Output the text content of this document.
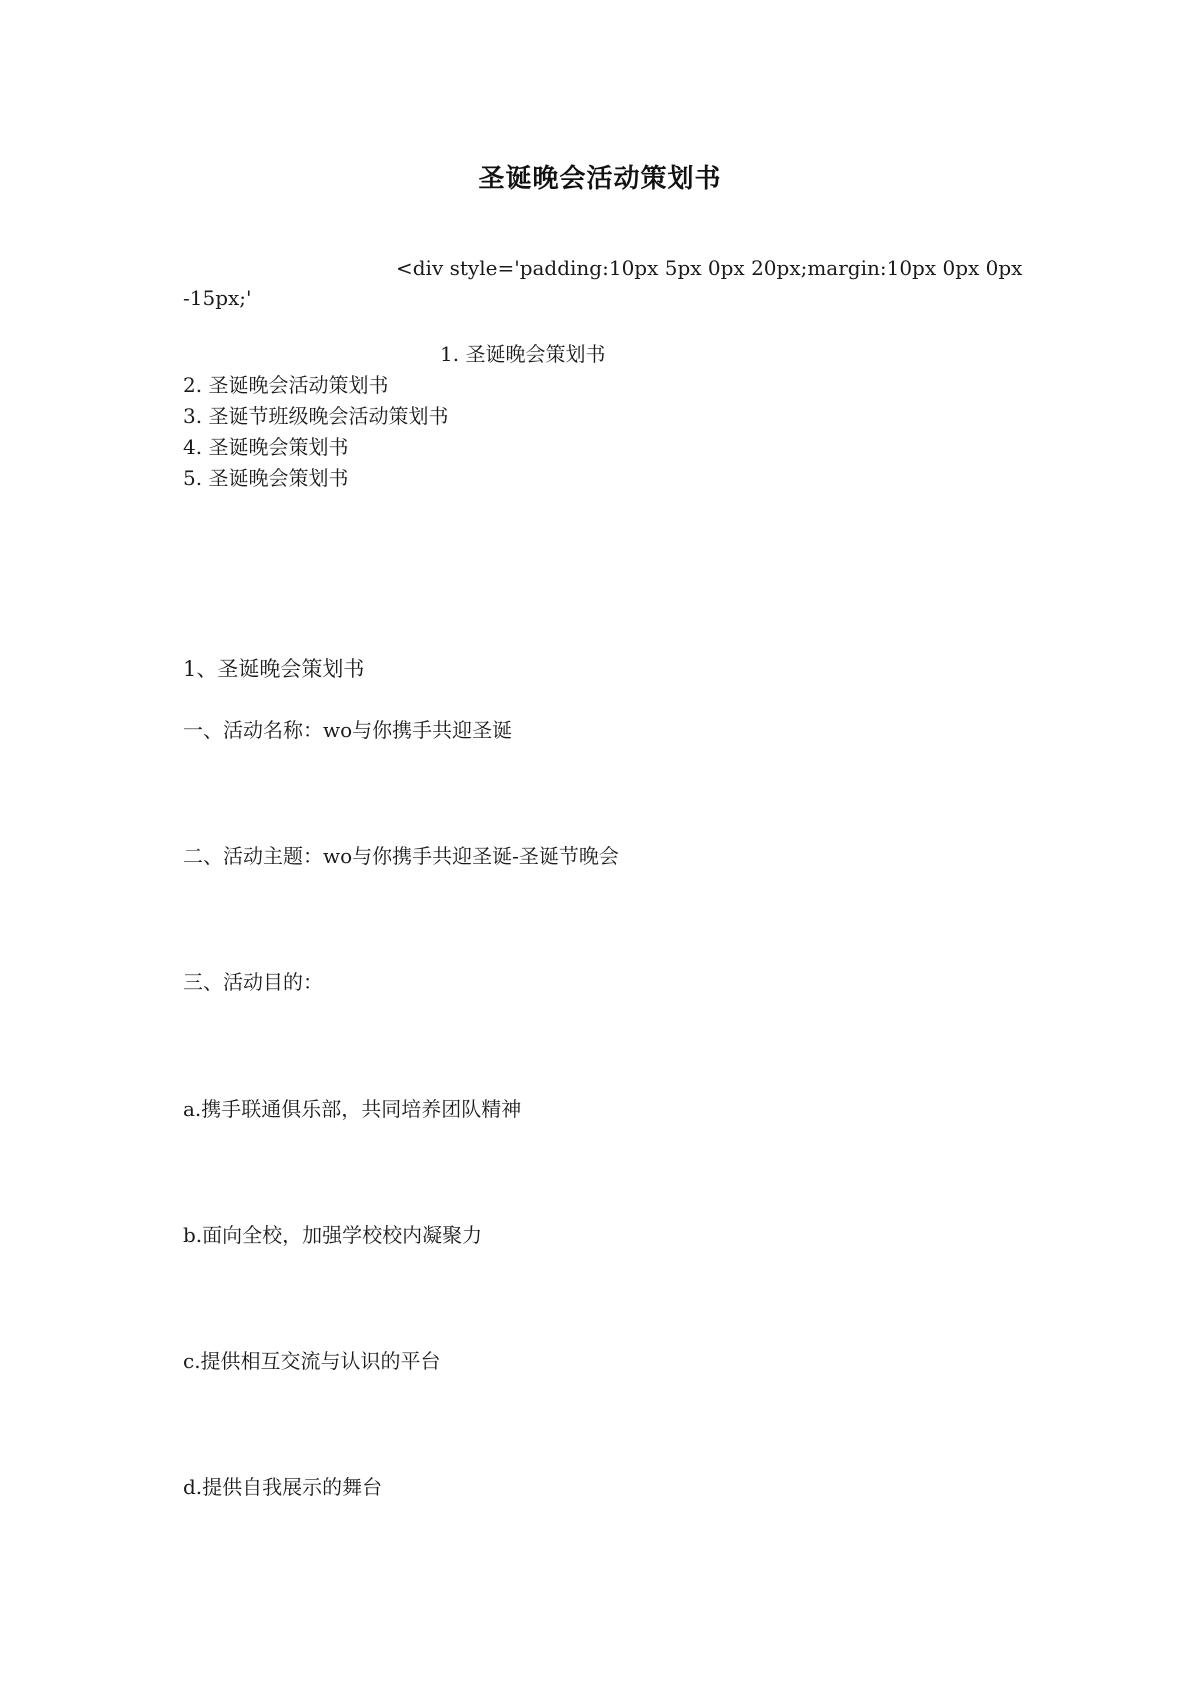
圣诞晚会活动策划书
<div style='padding:10px 5px 0px 20px;margin:10px 0px 0px
-15px;'
1. 圣诞晚会策划书
2. 圣诞晚会活动策划书
3. 圣诞节班级晚会活动策划书
4. 圣诞晚会策划书
5. 圣诞晚会策划书
1、圣诞晚会策划书
一、活动名称：wo与你携手共迎圣诞
二、活动主题：wo与你携手共迎圣诞-圣诞节晚会
三、活动目的：
a.携手联通俱乐部，共同培养团队精神
b.面向全校，加强学校校内凝聚力
c.提供相互交流与认识的平台
d.提供自我展示的舞台
